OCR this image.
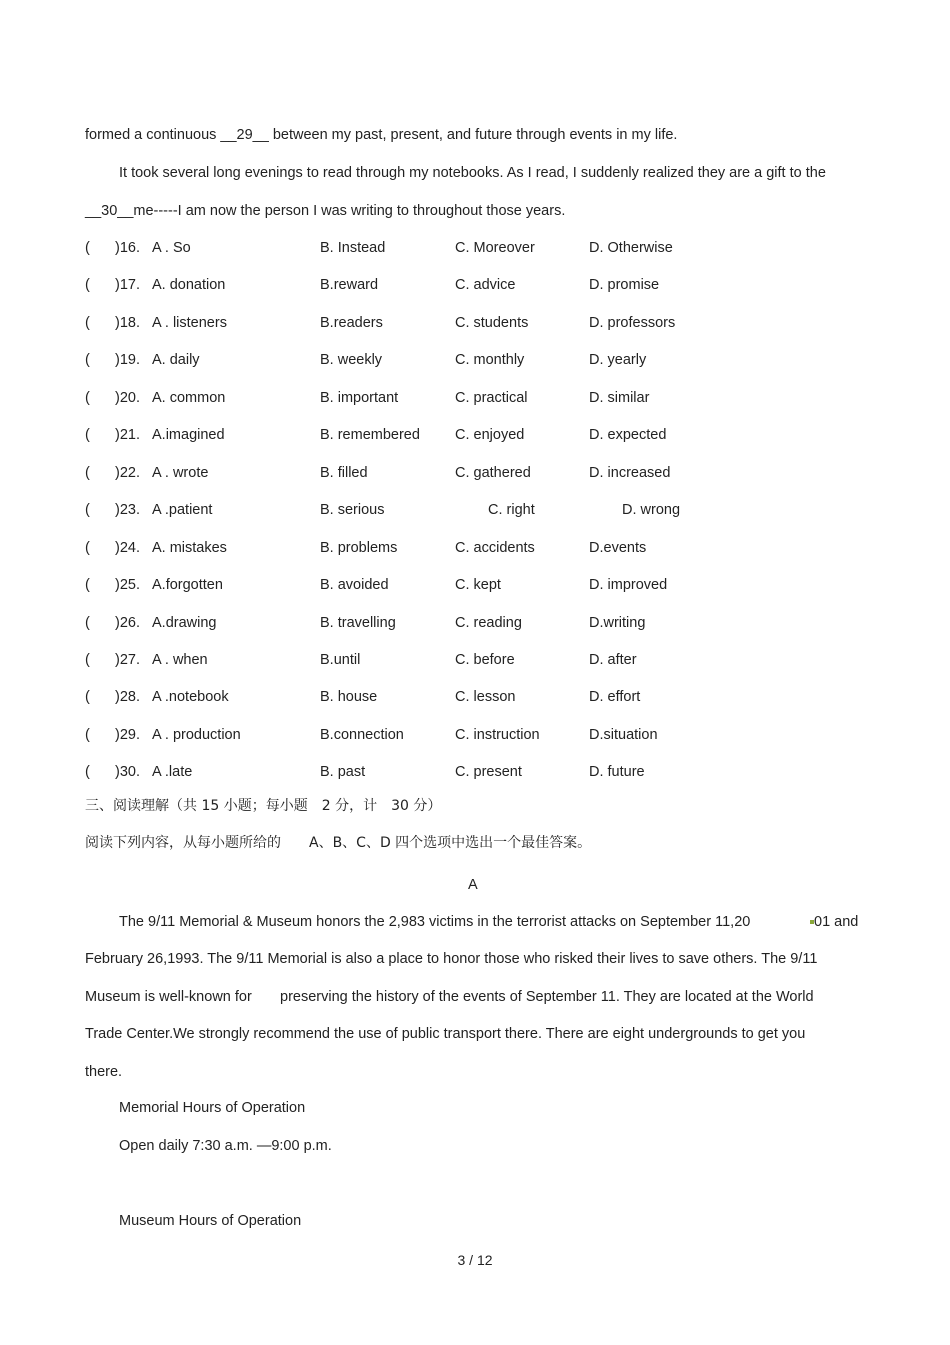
formed a continuous __29__ between my past, present, and future through events in my life.
It took several long evenings to read through my notebooks. As I read, I suddenly realized they are a gift to the
__30__me-----I am now the person I was writing to throughout those years.
( )16. A . So	B. Instead	C. Moreover	D. Otherwise
( )17. A. donation	B.reward	C. advice	D. promise
( )18. A . listeners	B.readers	C. students	D. professors
( )19. A. daily	B. weekly	C. monthly	D. yearly
( )20. A. common	B. important	C. practical	D. similar
( )21. A.imagined	B. remembered C. enjoyed	D. expected
( )22. A . wrote	B. filled	C. gathered	D. increased
( )23. A .patient	B. serious	C. right	D. wrong
( )24. A. mistakes	B. problems	C. accidents	D.events
( )25. A.forgotten	B. avoided	C. kept	D. improved
( )26. A.drawing	B. travelling	C. reading	D.writing
( )27. A . when	B.until	C. before	D. after
( )28. A .notebook	B. house	C. lesson	D. effort
( )29. A . production	B.connection	C. instruction	D.situation
( )30. A .late	B. past	C. present	D. future
三、阅读理解（共 15 小题；每小题　2 分，计　30 分）
阅读下列内容，从每小题所给的　　A、B、C、D 四个选项中选出一个最佳答案。
A
The 9/11 Memorial & Museum honors the 2,983 victims in the terrorist attacks on September 11,20	01 and
February 26,1993. The 9/11 Memorial is also a place to honor those who risked their lives to save others. The 9/11
Museum is well-known for preserving the history of the events of September 11. They are located at the World
Trade Center.We strongly recommend the use of public transport there. There are eight undergrounds to get you
there.
Memorial Hours of Operation
Open daily 7:30 a.m. —9:00 p.m.
Museum Hours of Operation
3 / 12
